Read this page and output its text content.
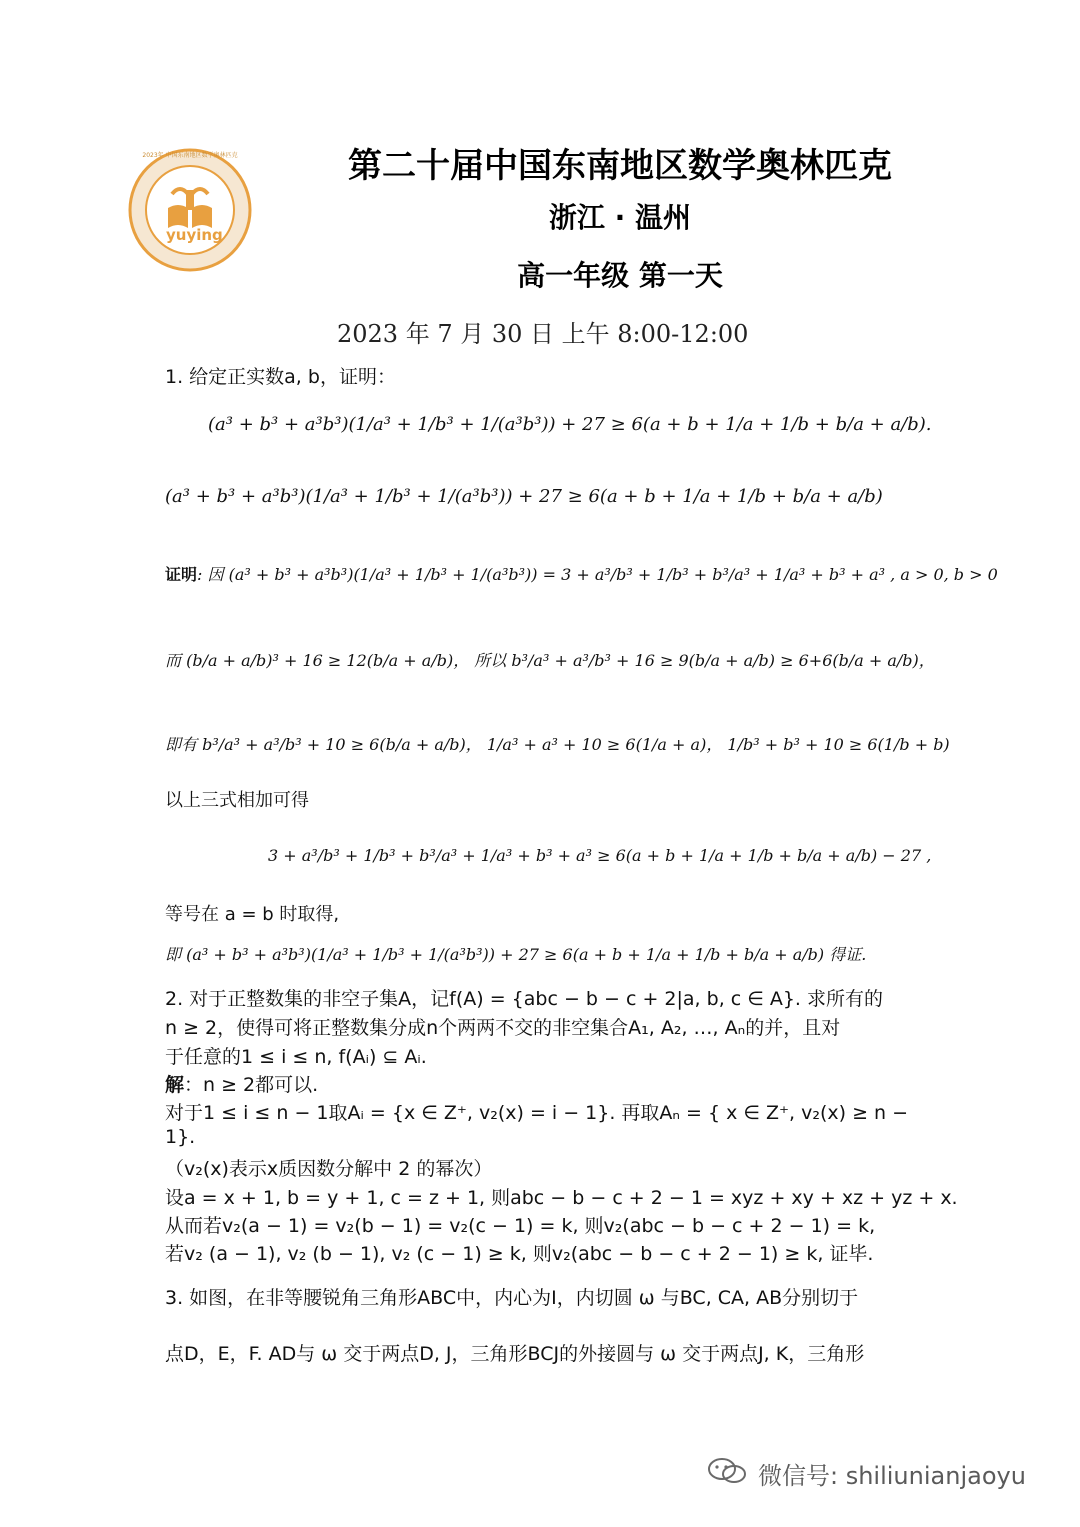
yuying
2023年 中国东南地区数学奥林匹克	第二十届中国东南地区数学奥林匹克
浙江 · 温州
高一年级 第一天
2023 年 7 月 30 日 上午 8:00-12:00
1. 给定正实数a, b，证明：
(a³ + b³ + a³b³)(1/a³ + 1/b³ + 1/(a³b³)) + 27 ≥ 6(a + b + 1/a + 1/b + b/a + a/b).
(a³ + b³ + a³b³)(1/a³ + 1/b³ + 1/(a³b³)) + 27 ≥ 6(a + b + 1/a + 1/b + b/a + a/b)
证明: 因 (a³ + b³ + a³b³)(1/a³ + 1/b³ + 1/(a³b³)) = 3 + a³/b³ + 1/b³ + b³/a³ + 1/a³ + b³ + a³ , a > 0, b > 0
而 (b/a + a/b)³ + 16 ≥ 12(b/a + a/b)， 所以 b³/a³ + a³/b³ + 16 ≥ 9(b/a + a/b) ≥ 6+6(b/a + a/b)，
即有 b³/a³ + a³/b³ + 10 ≥ 6(b/a + a/b)， 1/a³ + a³ + 10 ≥ 6(1/a + a)， 1/b³ + b³ + 10 ≥ 6(1/b + b)
以上三式相加可得
3 + a³/b³ + 1/b³ + b³/a³ + 1/a³ + b³ + a³ ≥ 6(a + b + 1/a + 1/b + b/a + a/b) − 27 ,
等号在 a = b 时取得,
即 (a³ + b³ + a³b³)(1/a³ + 1/b³ + 1/(a³b³)) + 27 ≥ 6(a + b + 1/a + 1/b + b/a + a/b) 得证.
2. 对于正整数集的非空子集A，记f(A) = {abc − b − c + 2|a, b, c ∈ A}. 求所有的
n ≥ 2，使得可将正整数集分成n个两两不交的非空集合A₁, A₂, …, Aₙ的并，且对
于任意的1 ≤ i ≤ n, f(Aᵢ) ⊆ Aᵢ.
解：n ≥ 2都可以.
对于1 ≤ i ≤ n − 1取Aᵢ = {x ∈ Z⁺, v₂(x) = i − 1}. 再取Aₙ = { x ∈ Z⁺, v₂(x) ≥ n −
1}.
（v₂(x)表示x质因数分解中 2 的幂次）
设a = x + 1, b = y + 1, c = z + 1, 则abc − b − c + 2 − 1 = xyz + xy + xz + yz + x.
从而若v₂(a − 1) = v₂(b − 1) = v₂(c − 1) = k, 则v₂(abc − b − c + 2 − 1) = k,
若v₂ (a − 1), v₂ (b − 1), v₂ (c − 1) ≥ k, 则v₂(abc − b − c + 2 − 1) ≥ k, 证毕.
3. 如图，在非等腰锐角三角形ABC中，内心为I，内切圆 ω 与BC, CA, AB分别切于
点D，E，F. AD与 ω 交于两点D, J，三角形BCJ的外接圆与 ω 交于两点J, K，三角形
微信号: shiliunianjaoyu
